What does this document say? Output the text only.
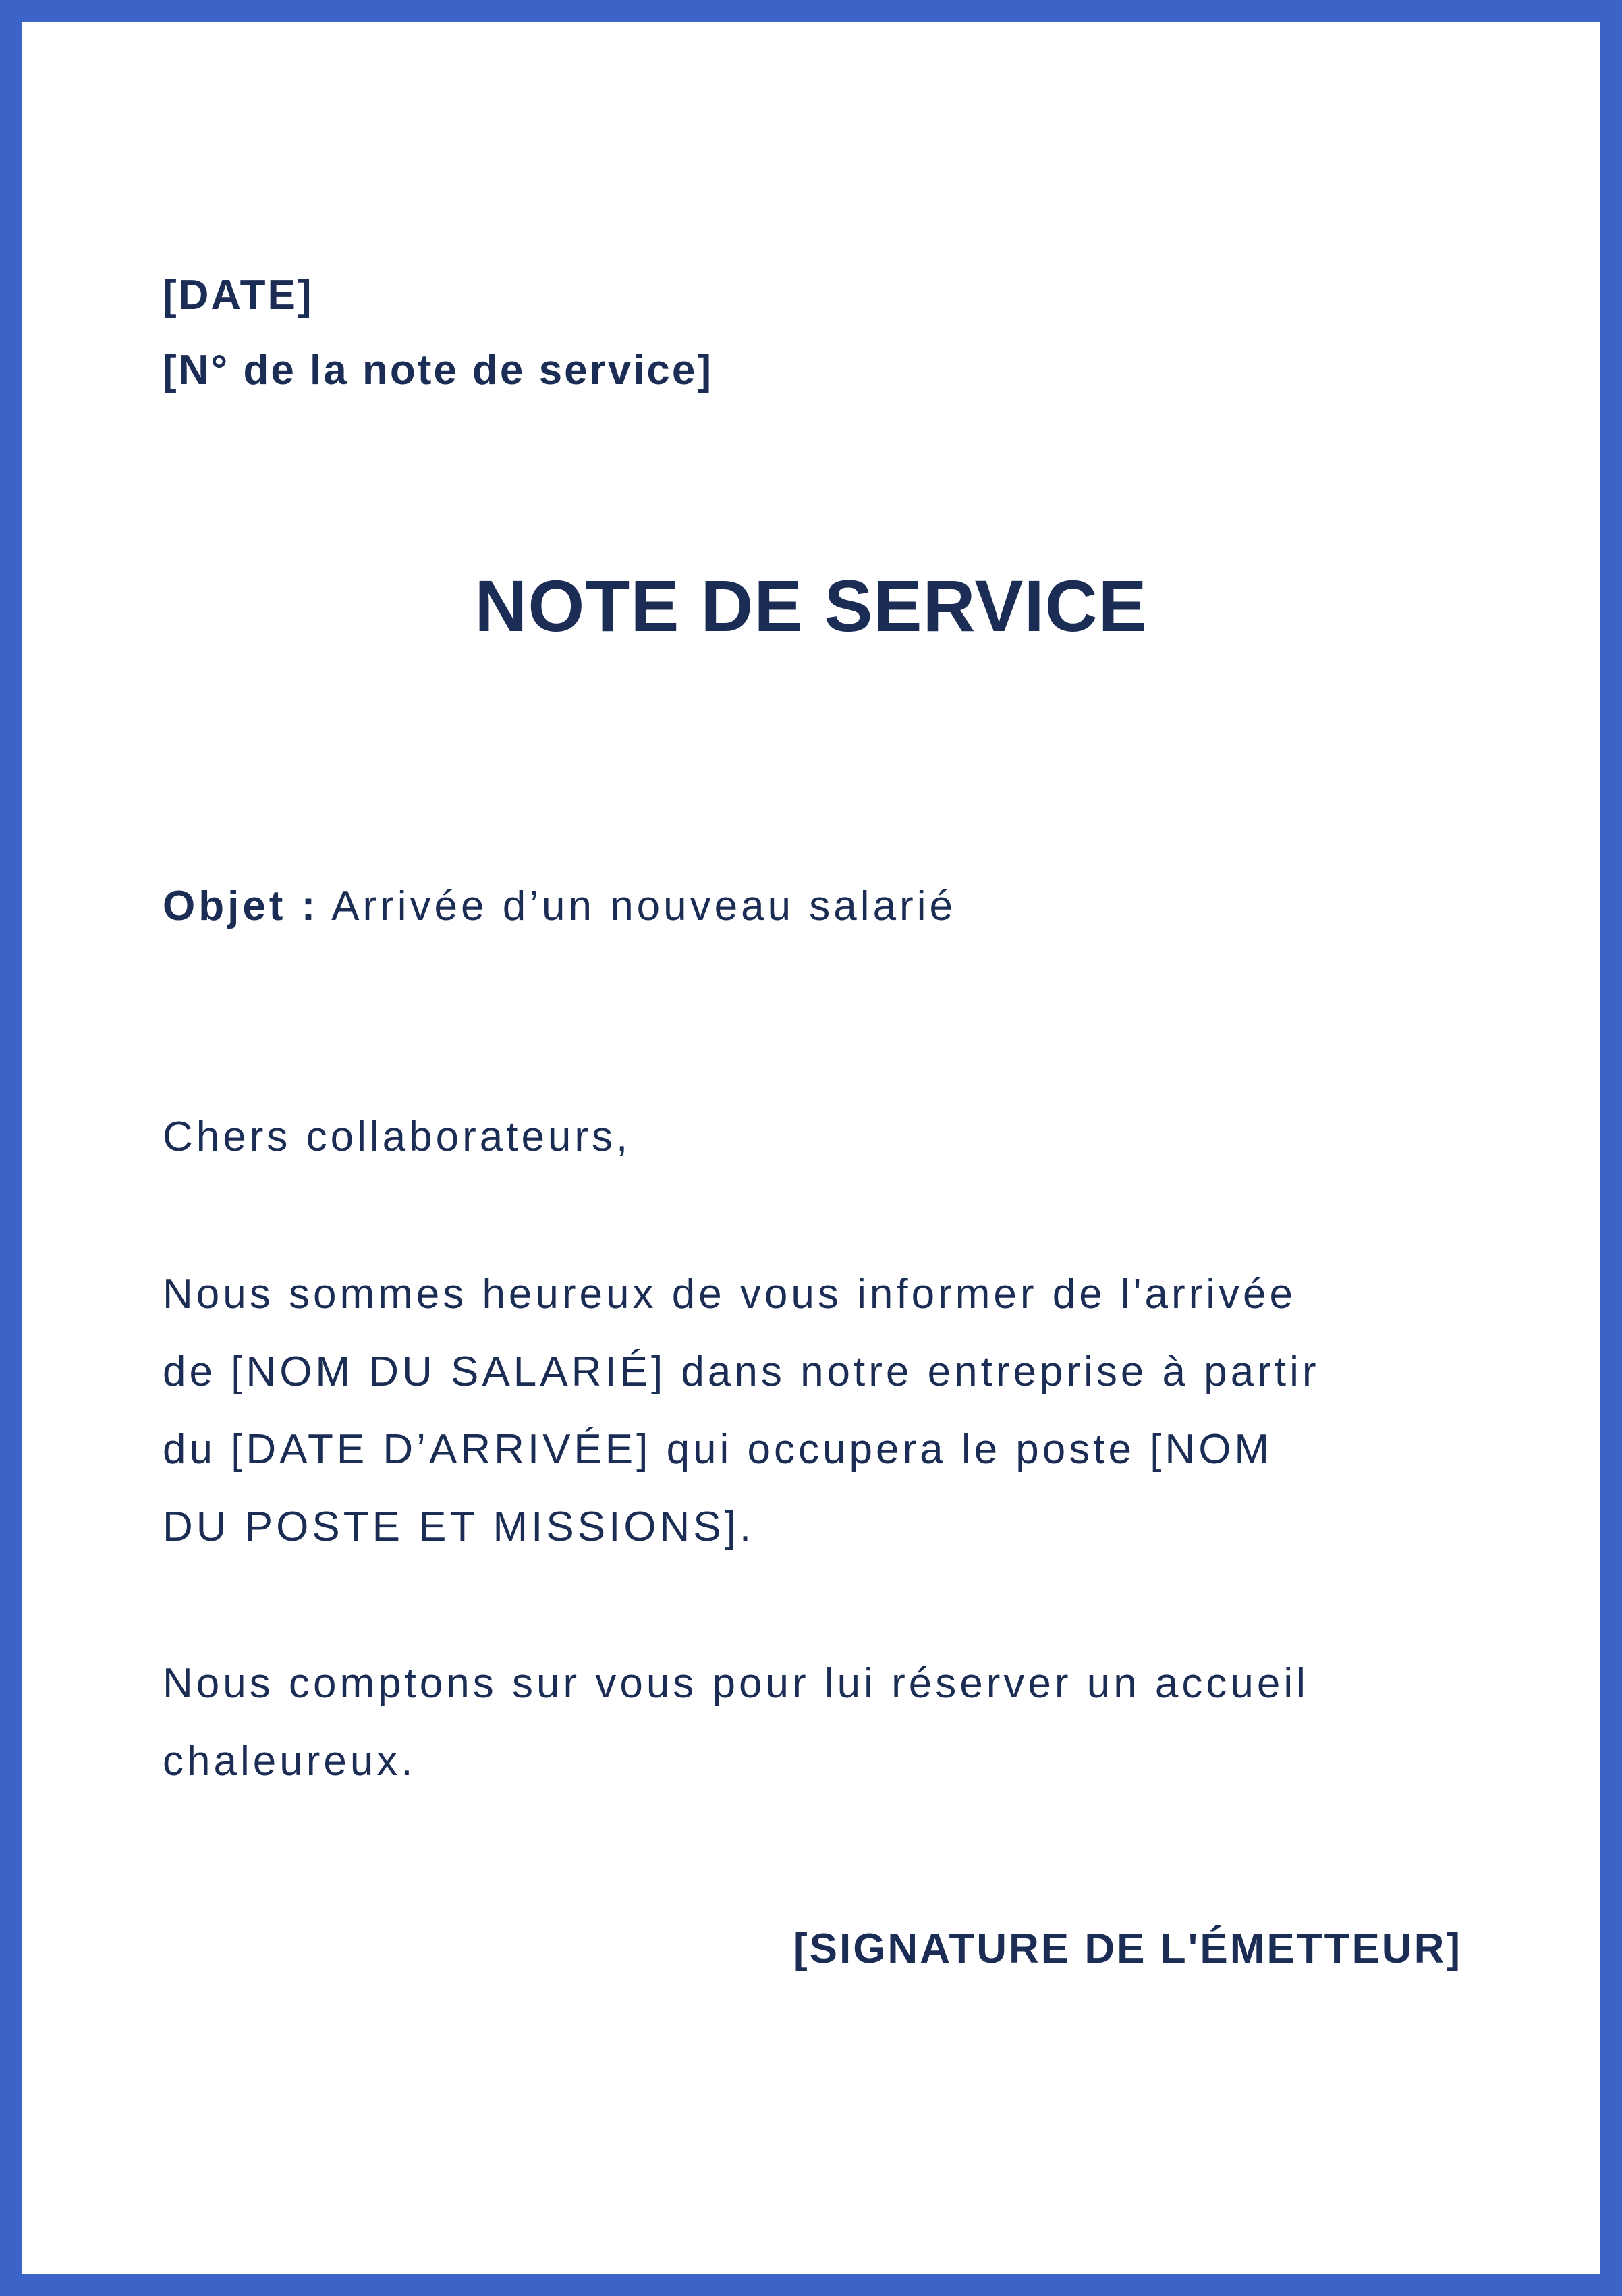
[DATE]
[N° de la note de service]
NOTE DE SERVICE
Objet : Arrivée d’un nouveau salarié
Chers collaborateurs,
Nous sommes heureux de vous informer de l'arrivée
de [NOM DU SALARIÉ] dans notre entreprise à partir
du [DATE D’ARRIVÉE] qui occupera le poste [NOM
DU POSTE ET MISSIONS].
Nous comptons sur vous pour lui réserver un accueil
chaleureux.
[SIGNATURE DE L'ÉMETTEUR]
